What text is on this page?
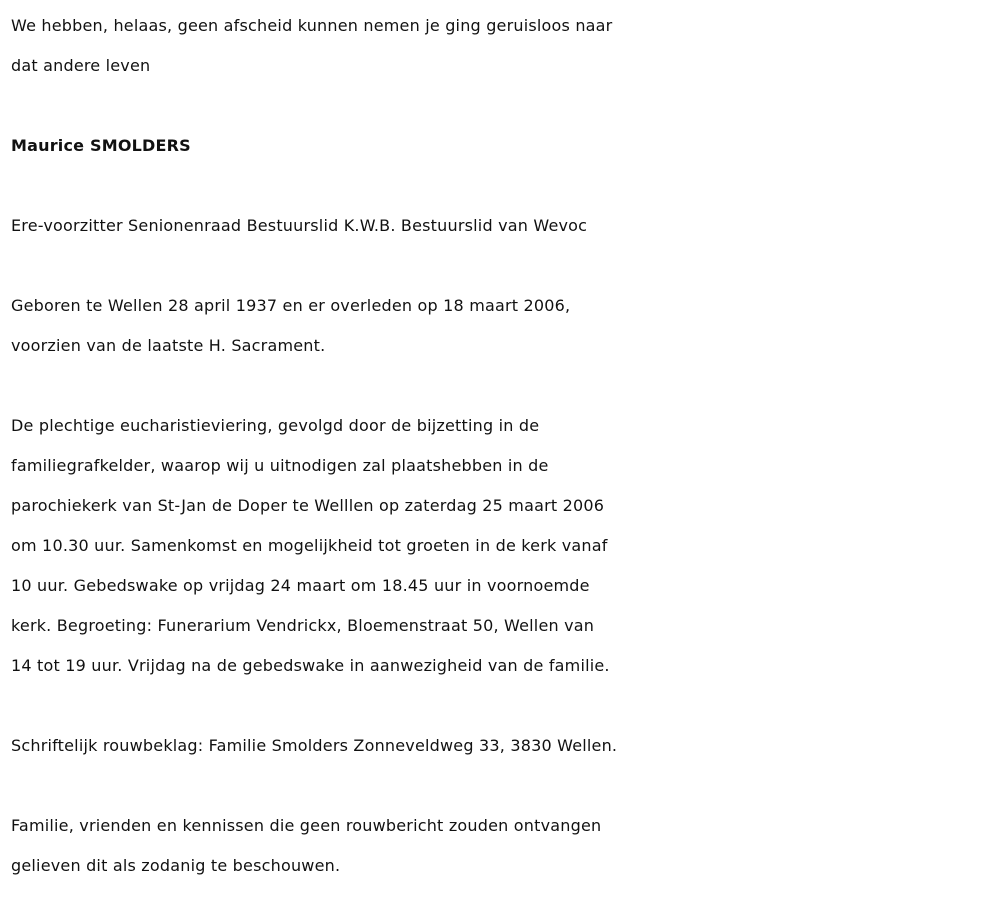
We hebben, helaas, geen afscheid kunnen nemen je ging geruisloos naar
dat andere leven
Maurice SMOLDERS
Ere-voorzitter Senionenraad Bestuurslid K.W.B. Bestuurslid van Wevoc
Geboren te Wellen 28 april 1937 en er overleden op 18 maart 2006,
voorzien van de laatste H. Sacrament.
De plechtige eucharistieviering, gevolgd door de bijzetting in de
familiegrafkelder, waarop wij u uitnodigen zal plaatshebben in de
parochiekerk van St-Jan de Doper te Welllen op zaterdag 25 maart 2006
om 10.30 uur. Samenkomst en mogelijkheid tot groeten in de kerk vanaf
10 uur. Gebedswake op vrijdag 24 maart om 18.45 uur in voornoemde
kerk. Begroeting: Funerarium Vendrickx, Bloemenstraat 50, Wellen van
14 tot 19 uur. Vrijdag na de gebedswake in aanwezigheid van de familie.
Schriftelijk rouwbeklag: Familie Smolders Zonneveldweg 33, 3830 Wellen.
Familie, vrienden en kennissen die geen rouwbericht zouden ontvangen
gelieven dit als zodanig te beschouwen.
